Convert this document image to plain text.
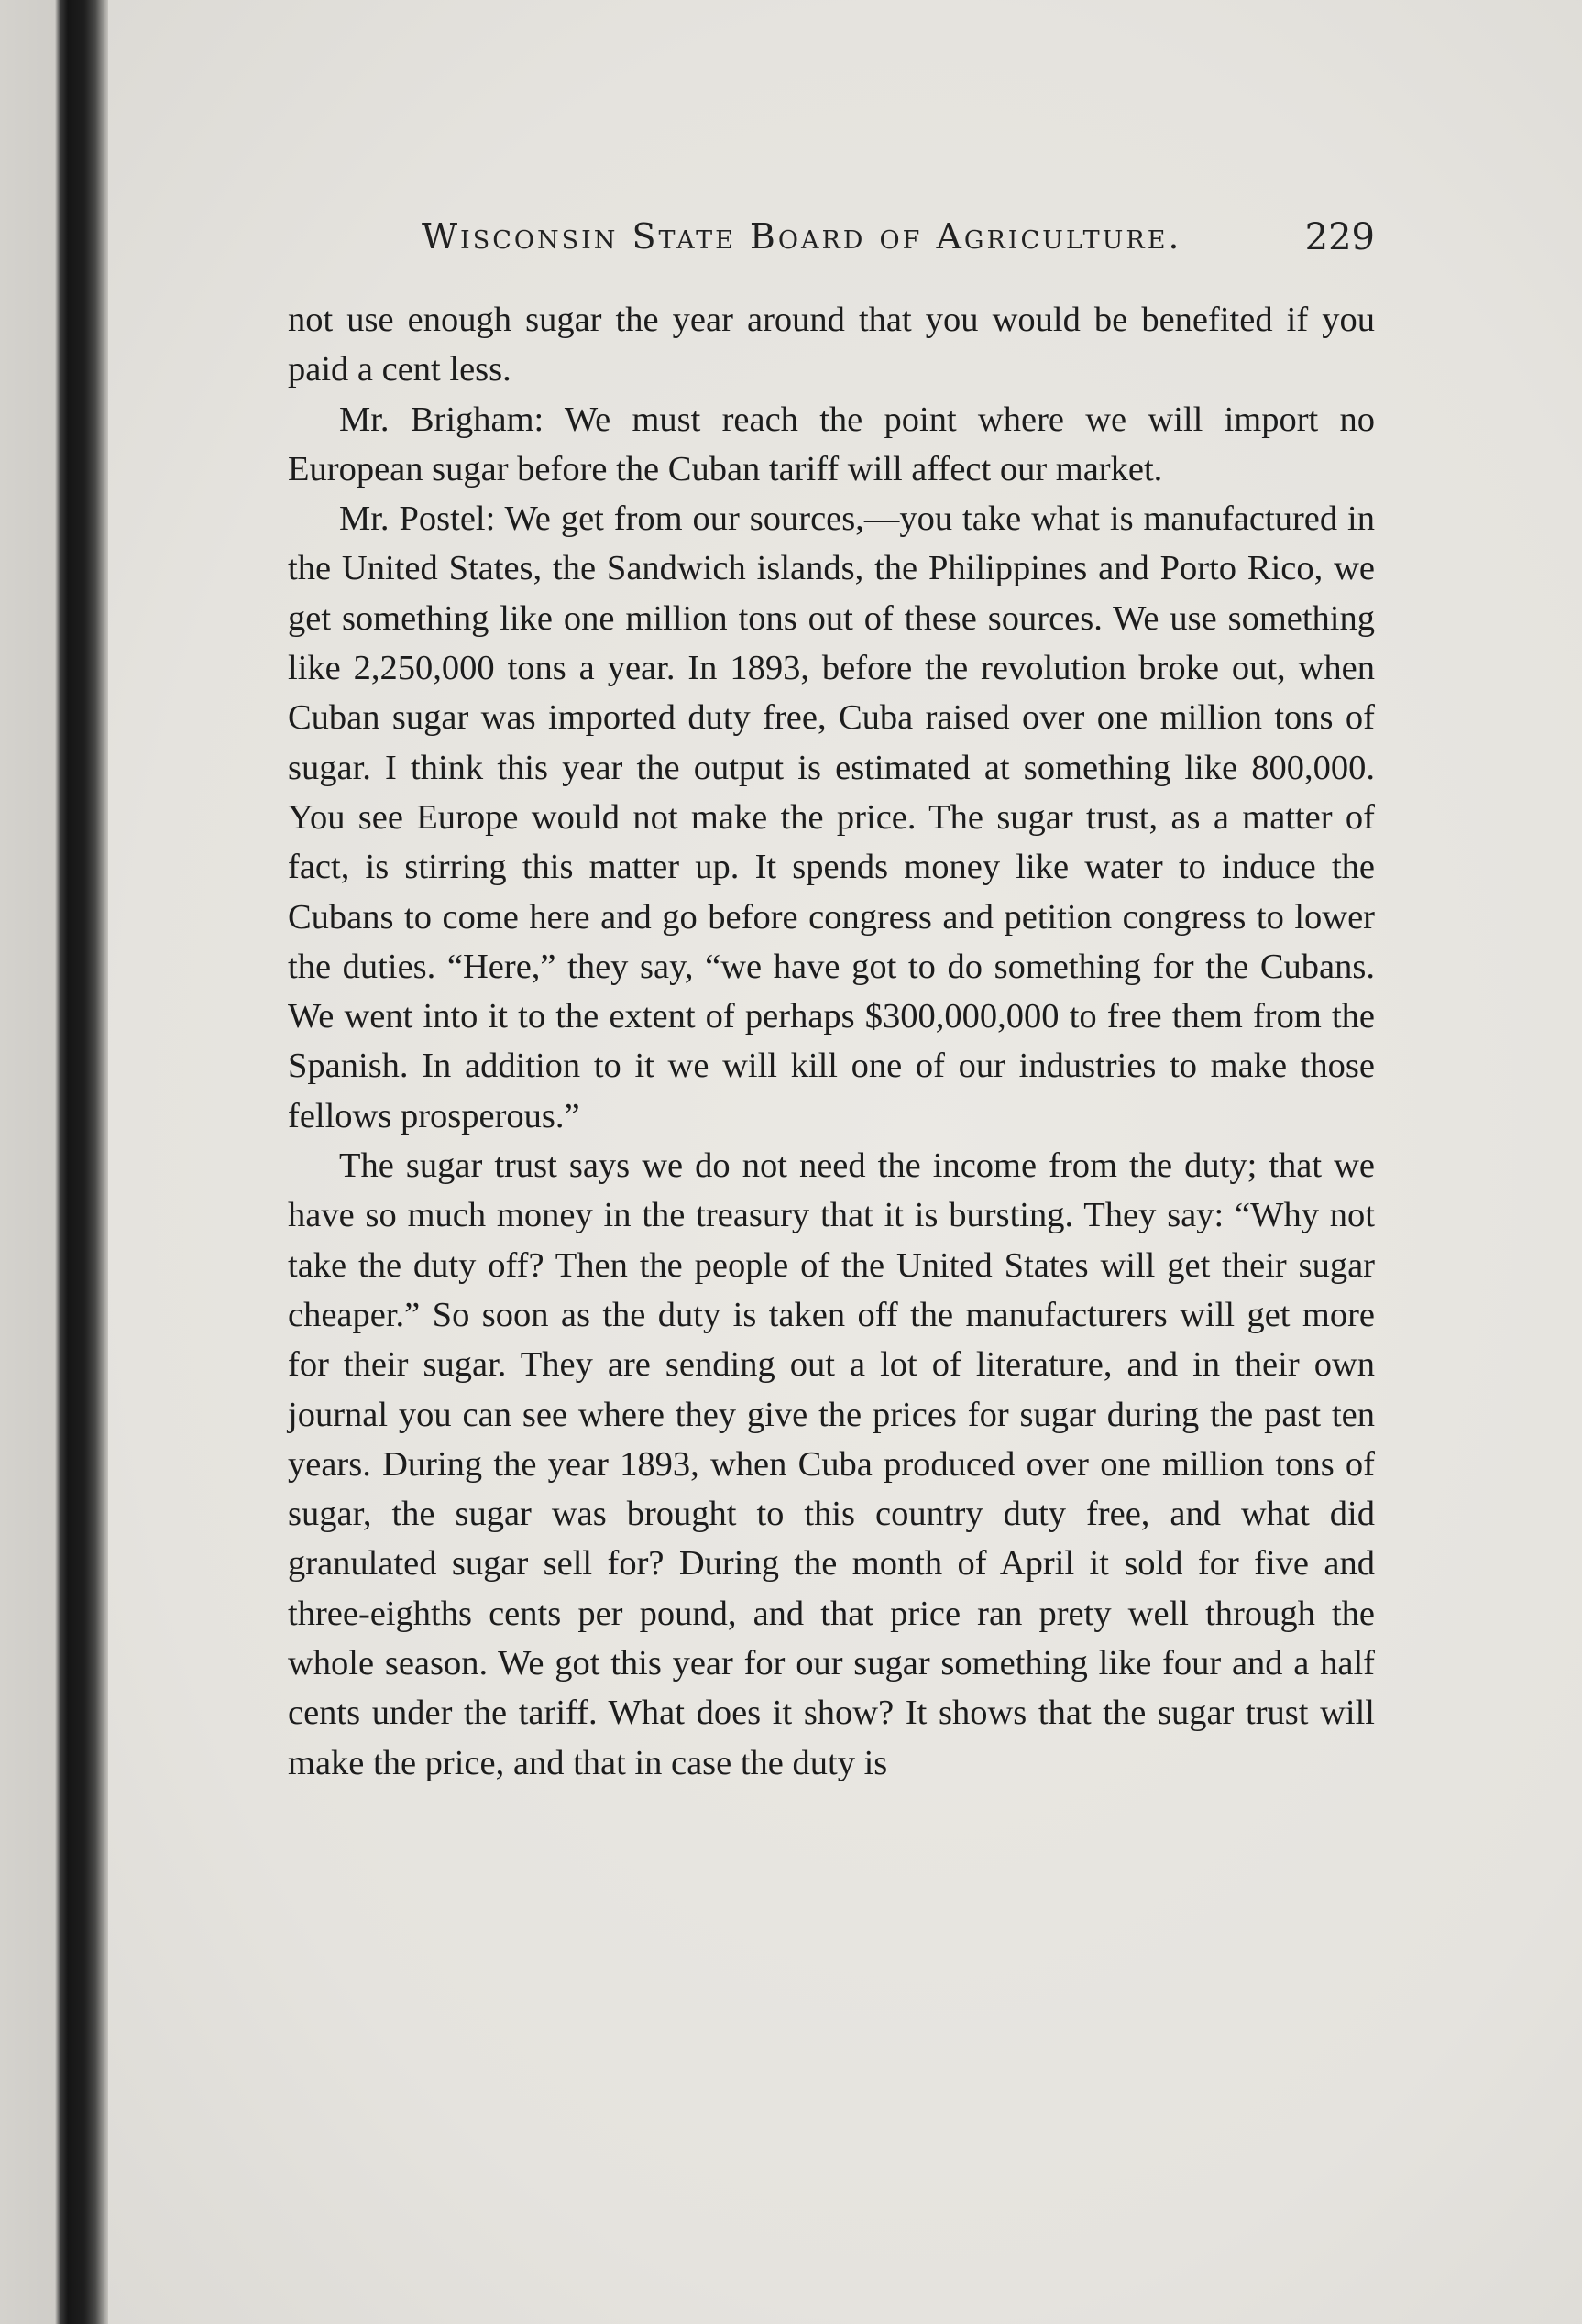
Wisconsin State Board of Agriculture.	229

not use enough sugar the year around that you would be benefited if you paid a cent less.

Mr. Brigham: We must reach the point where we will import no European sugar before the Cuban tariff will affect our market.

Mr. Postel: We get from our sources,—you take what is manufactured in the United States, the Sandwich islands, the Philippines and Porto Rico, we get something like one million tons out of these sources. We use something like 2,250,000 tons a year. In 1893, before the revolution broke out, when Cuban sugar was imported duty free, Cuba raised over one million tons of sugar. I think this year the output is estimated at something like 800,000. You see Europe would not make the price. The sugar trust, as a matter of fact, is stirring this matter up. It spends money like water to induce the Cubans to come here and go before congress and petition congress to lower the duties. “Here,” they say, “we have got to do something for the Cubans. We went into it to the extent of perhaps $300,000,000 to free them from the Spanish. In addition to it we will kill one of our industries to make those fellows prosperous.”

The sugar trust says we do not need the income from the duty; that we have so much money in the treasury that it is bursting. They say: “Why not take the duty off? Then the people of the United States will get their sugar cheaper.” So soon as the duty is taken off the manufacturers will get more for their sugar. They are sending out a lot of literature, and in their own journal you can see where they give the prices for sugar during the past ten years. During the year 1893, when Cuba produced over one million tons of sugar, the sugar was brought to this country duty free, and what did granulated sugar sell for? During the month of April it sold for five and three-eighths cents per pound, and that price ran prety well through the whole season. We got this year for our sugar something like four and a half cents under the tariff. What does it show? It shows that the sugar trust will make the price, and that in case the duty is
